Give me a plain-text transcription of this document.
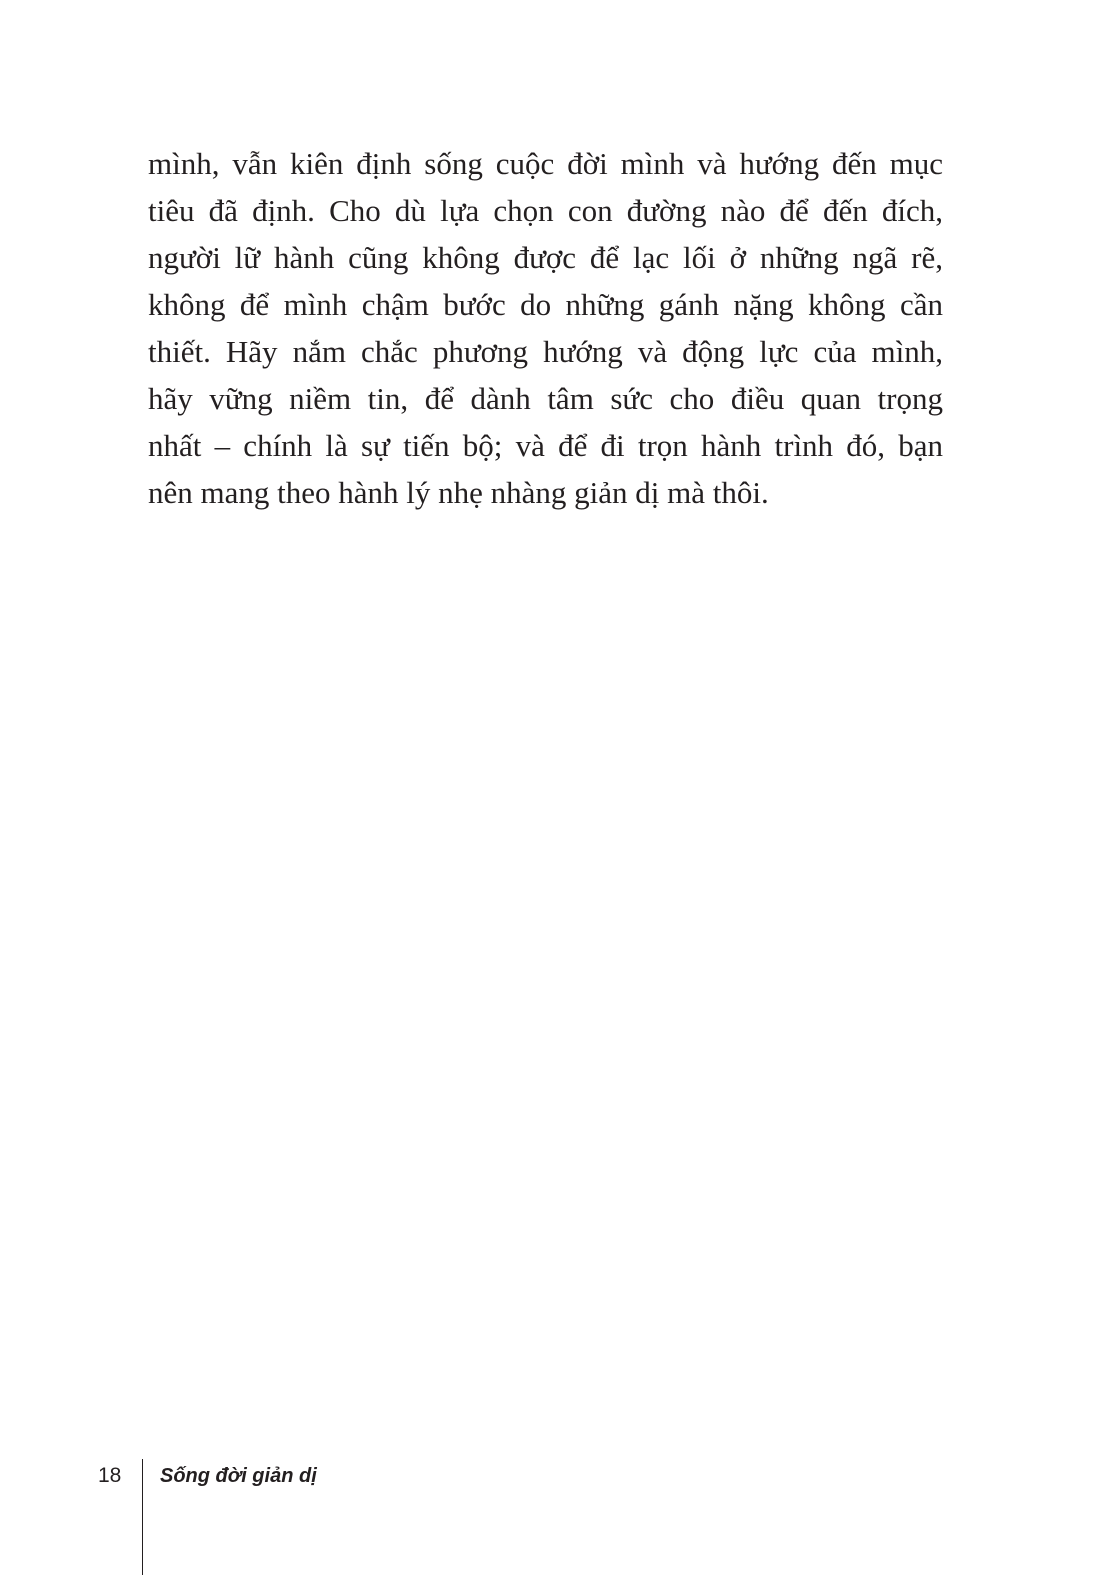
mình, vẫn kiên định sống cuộc đời mình và hướng đến mục
tiêu đã định. Cho dù lựa chọn con đường nào để đến đích,
người lữ hành cũng không được để lạc lối ở những ngã rẽ,
không để mình chậm bước do những gánh nặng không cần
thiết. Hãy nắm chắc phương hướng và động lực của mình,
hãy vững niềm tin, để dành tâm sức cho điều quan trọng
nhất – chính là sự tiến bộ; và để đi trọn hành trình đó, bạn
nên mang theo hành lý nhẹ nhàng giản dị mà thôi.
18 Sống đời giản dị
